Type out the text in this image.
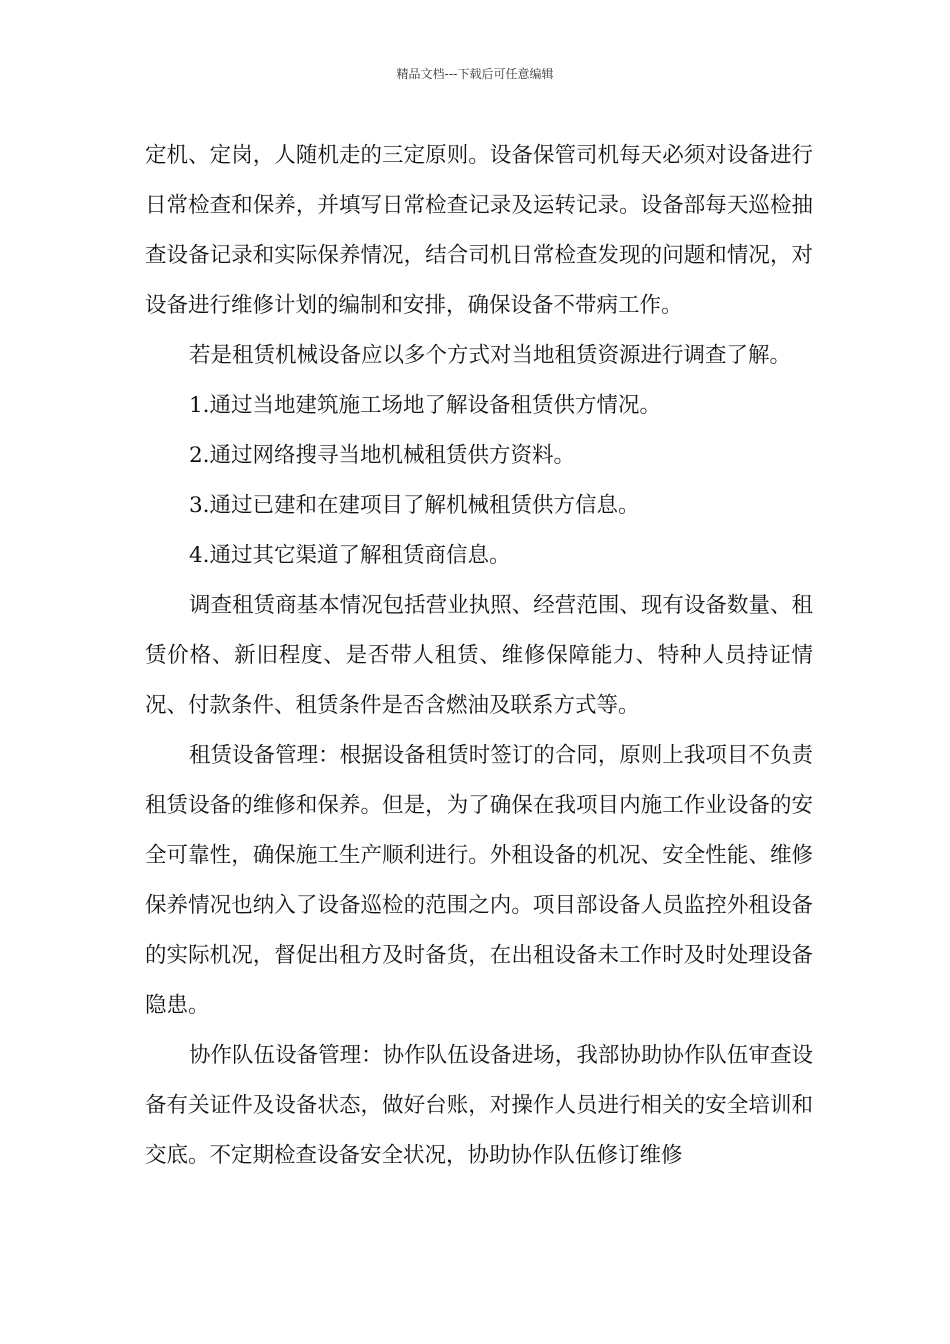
精品文档---下载后可任意编辑

定机、定岗，人随机走的三定原则。设备保管司机每天必须对设备进行日常检查和保养，并填写日常检查记录及运转记录。设备部每天巡检抽查设备记录和实际保养情况，结合司机日常检查发现的问题和情况，对设备进行维修计划的编制和安排，确保设备不带病工作。

若是租赁机械设备应以多个方式对当地租赁资源进行调查了解。

1.通过当地建筑施工场地了解设备租赁供方情况。

2.通过网络搜寻当地机械租赁供方资料。

3.通过已建和在建项目了解机械租赁供方信息。

4.通过其它渠道了解租赁商信息。

调查租赁商基本情况包括营业执照、经营范围、现有设备数量、租赁价格、新旧程度、是否带人租赁、维修保障能力、特种人员持证情况、付款条件、租赁条件是否含燃油及联系方式等。

租赁设备管理：根据设备租赁时签订的合同，原则上我项目不负责租赁设备的维修和保养。但是，为了确保在我项目内施工作业设备的安全可靠性，确保施工生产顺利进行。外租设备的机况、安全性能、维修保养情况也纳入了设备巡检的范围之内。项目部设备人员监控外租设备的实际机况，督促出租方及时备货，在出租设备未工作时及时处理设备隐患。

协作队伍设备管理：协作队伍设备进场，我部协助协作队伍审查设备有关证件及设备状态，做好台账，对操作人员进行相关的安全培训和交底。不定期检查设备安全状况，协助协作队伍修订维修
